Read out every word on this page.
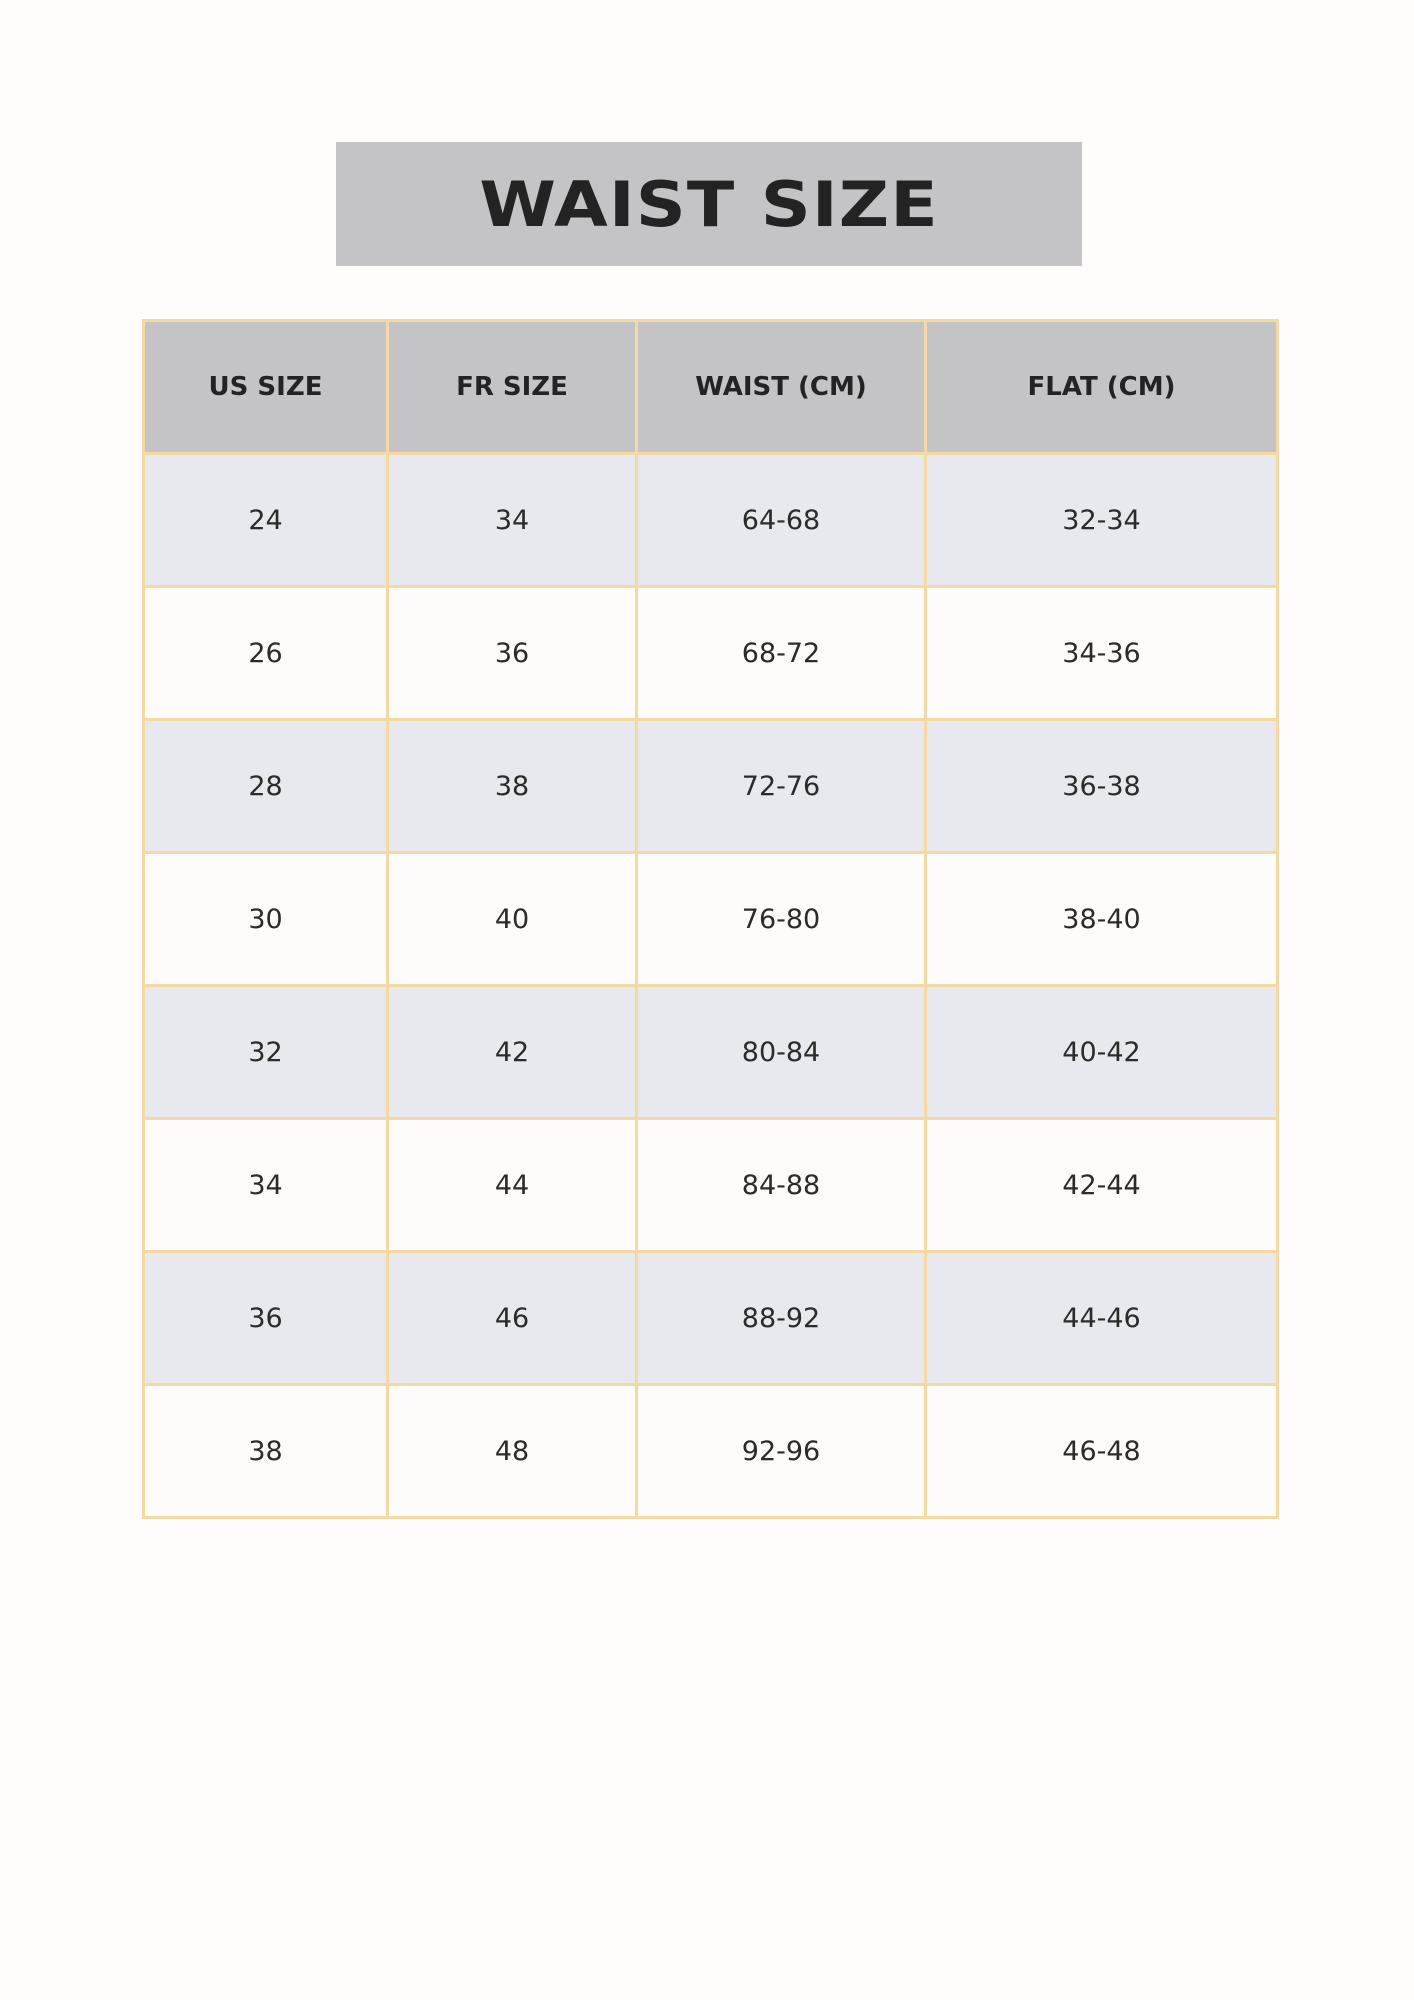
WAIST SIZE
US SIZE	FR SIZE	WAIST (CM)	FLAT (CM)
24	34	64-68	32-34
26	36	68-72	34-36
28	38	72-76	36-38
30	40	76-80	38-40
32	42	80-84	40-42
34	44	84-88	42-44
36	46	88-92	44-46
38	48	92-96	46-48
